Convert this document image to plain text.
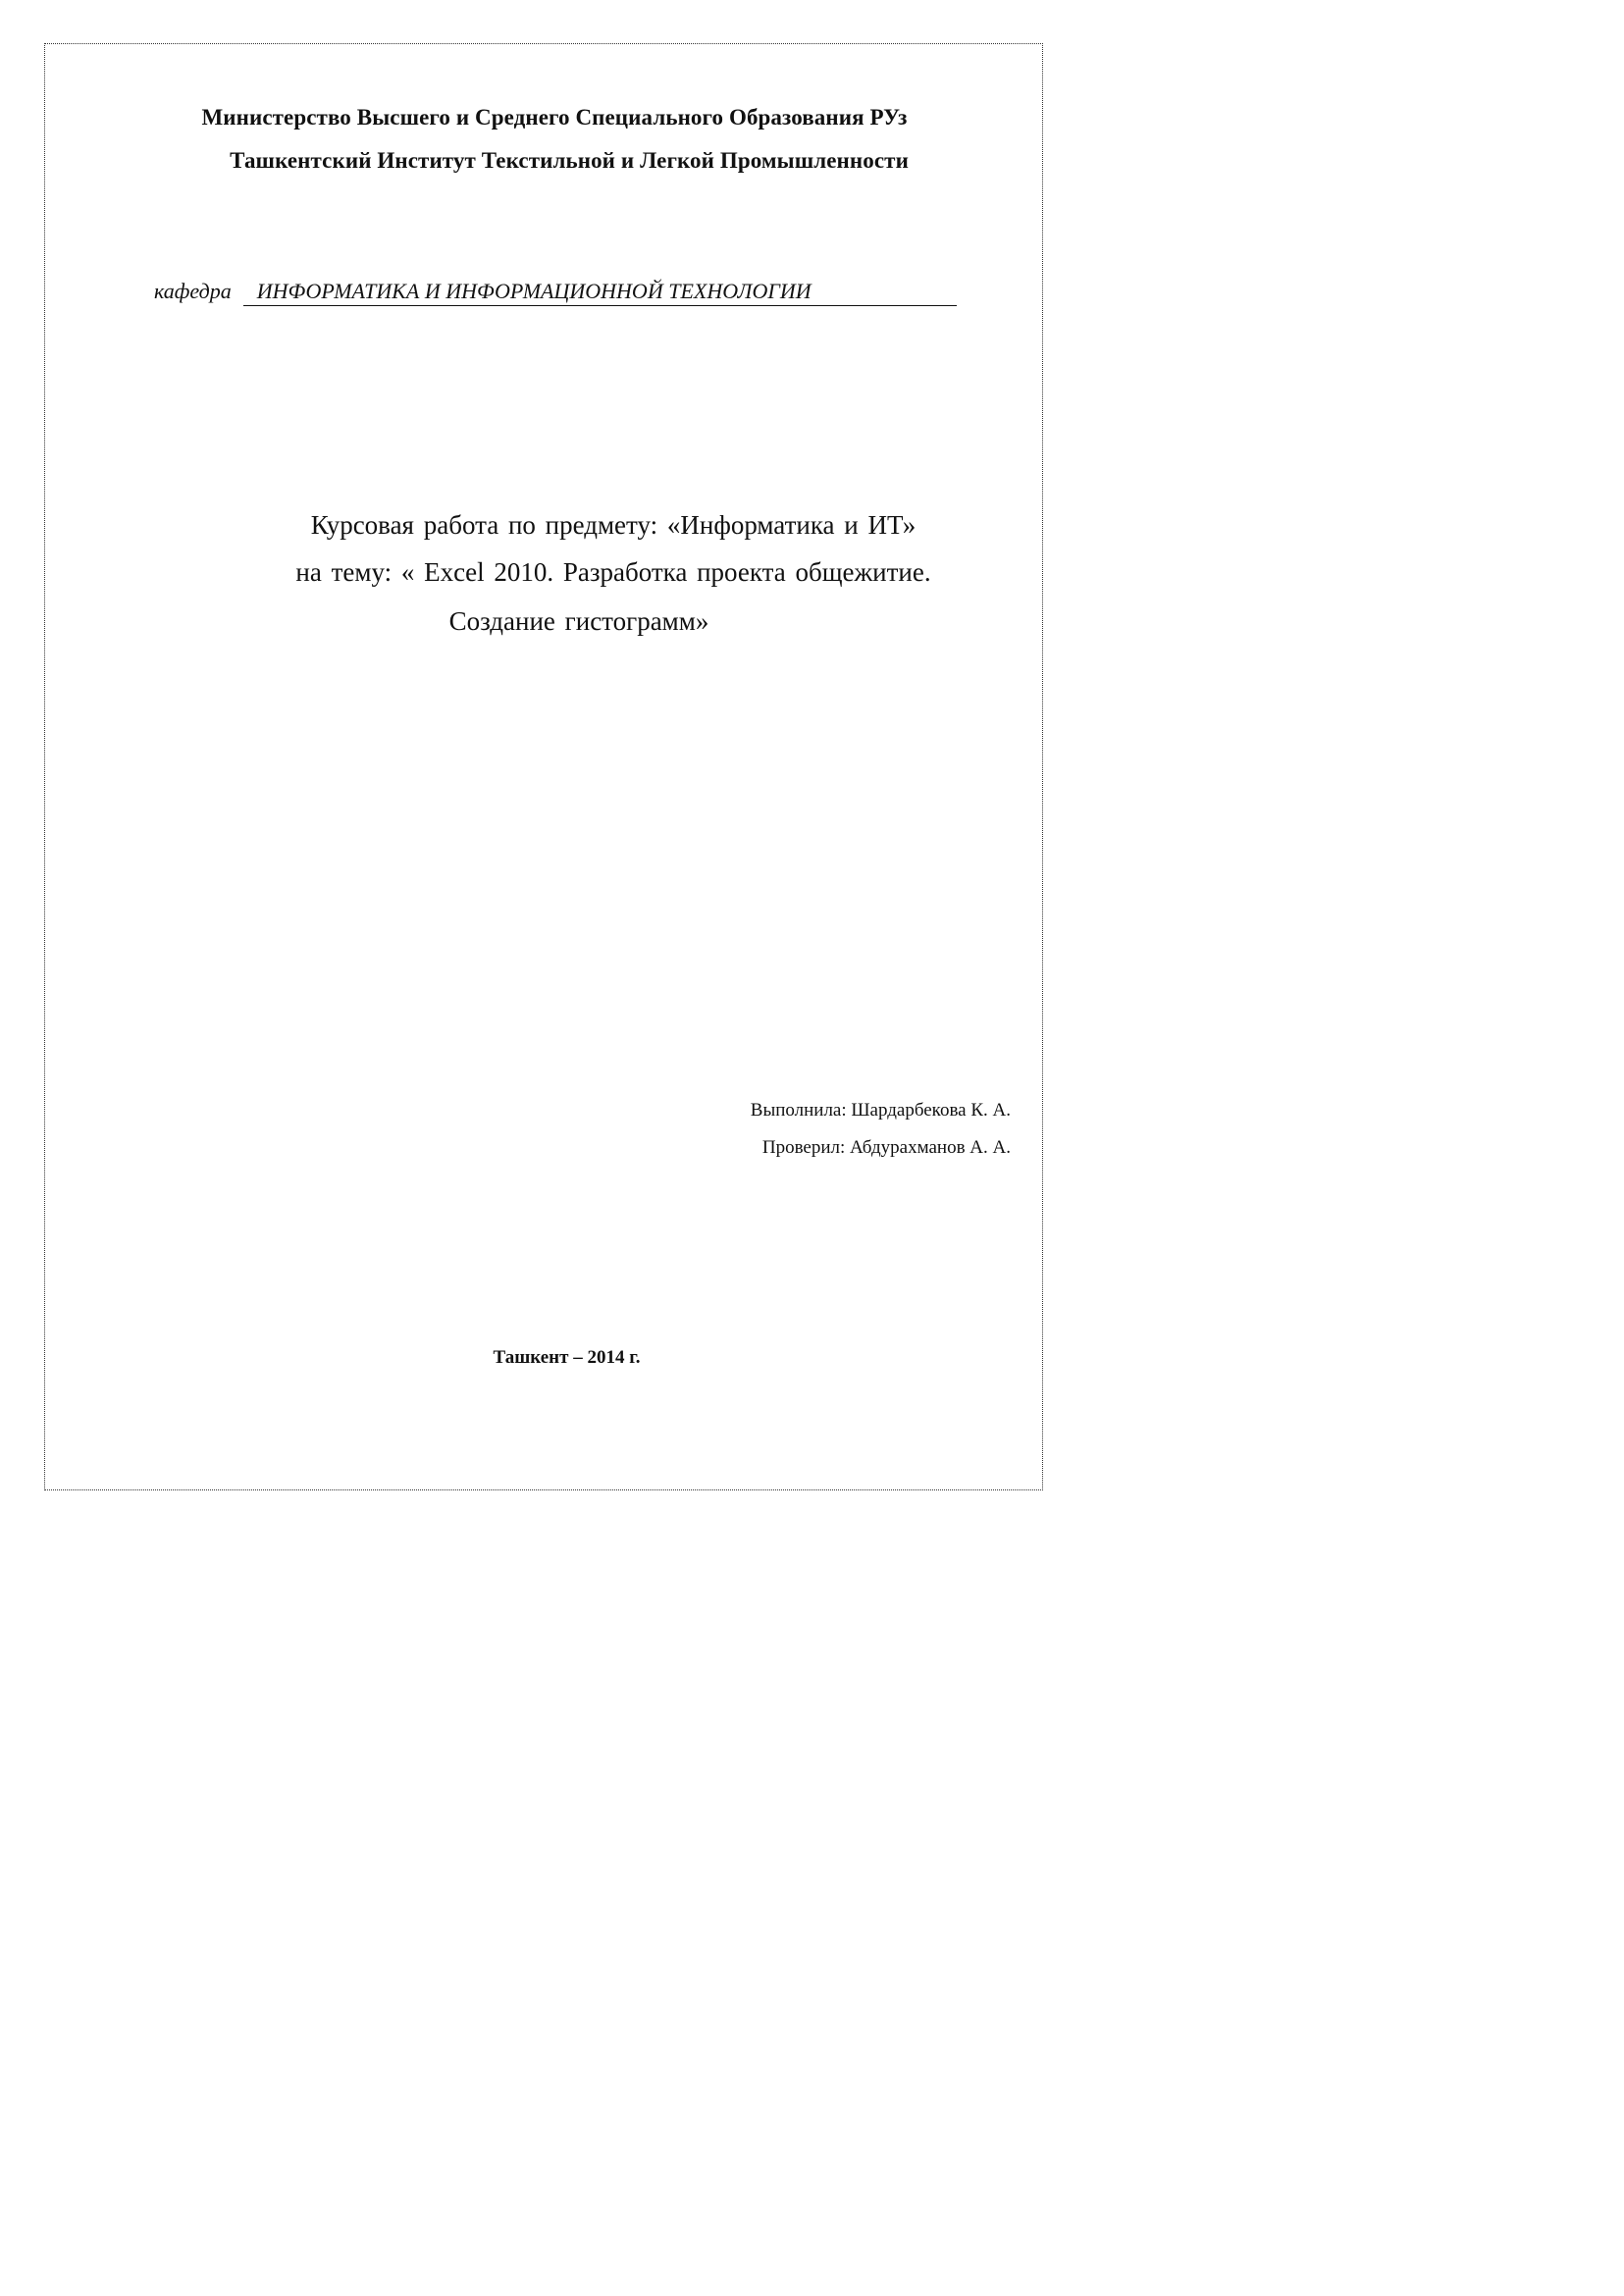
Министерство Высшего и Среднего Специального Образования РУз
Ташкентский Институт Текстильной и Легкой Промышленности
кафедра ИНФОРМАТИКА И ИНФОРМАЦИОННОЙ ТЕХНОЛОГИИ
Курсовая работа по предмету: «Информатика и ИТ»
на тему: « Excel 2010. Разработка проекта общежитие.
Создание гистограмм»
Выполнила: Шардарбекова К. А.
Проверил: Абдурахманов А. А.
Ташкент – 2014 г.
